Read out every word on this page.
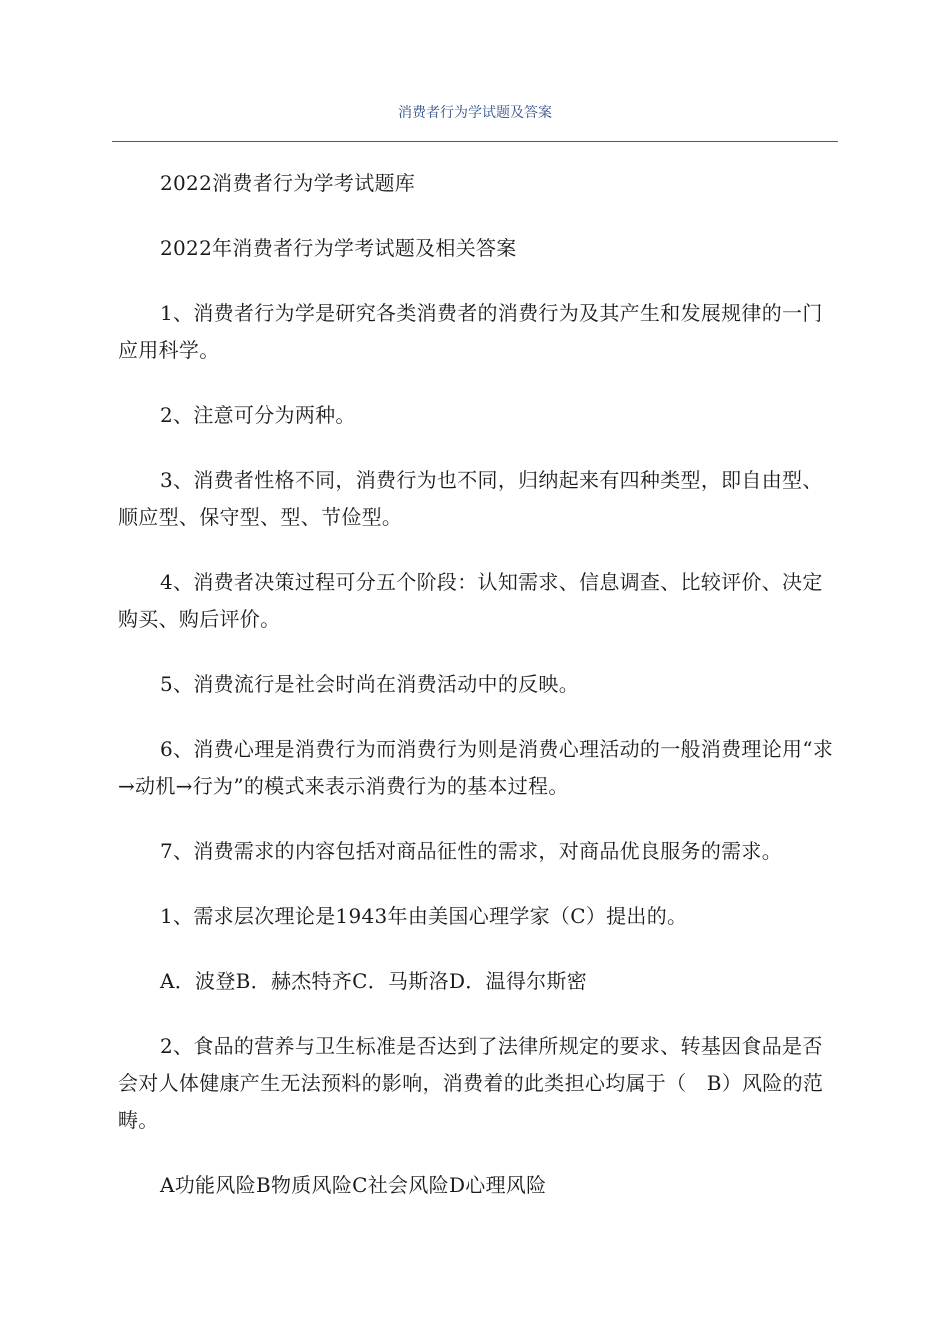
消费者行为学试题及答案

2022消费者行为学考试题库

2022年消费者行为学考试题及相关答案

1、消费者行为学是研究各类消费者的消费行为及其产生和发展规律的一门应用科学。

2、注意可分为两种。

3、消费者性格不同，消费行为也不同，归纳起来有四种类型，即自由型、顺应型、保守型、型、节俭型。

4、消费者决策过程可分五个阶段：认知需求、信息调查、比较评价、决定购买、购后评价。

5、消费流行是社会时尚在消费活动中的反映。

6、消费心理是消费行为而消费行为则是消费心理活动的一般消费理论用“求→动机→行为”的模式来表示消费行为的基本过程。

7、消费需求的内容包括对商品征性的需求，对商品优良服务的需求。

1、需求层次理论是1943年由美国心理学家（C）提出的。

A．波登B．赫杰特齐C．马斯洛D．温得尔斯密

2、食品的营养与卫生标准是否达到了法律所规定的要求、转基因食品是否会对人体健康产生无法预料的影响，消费着的此类担心均属于（　B）风险的范畴。

A功能风险B物质风险C社会风险D心理风险
